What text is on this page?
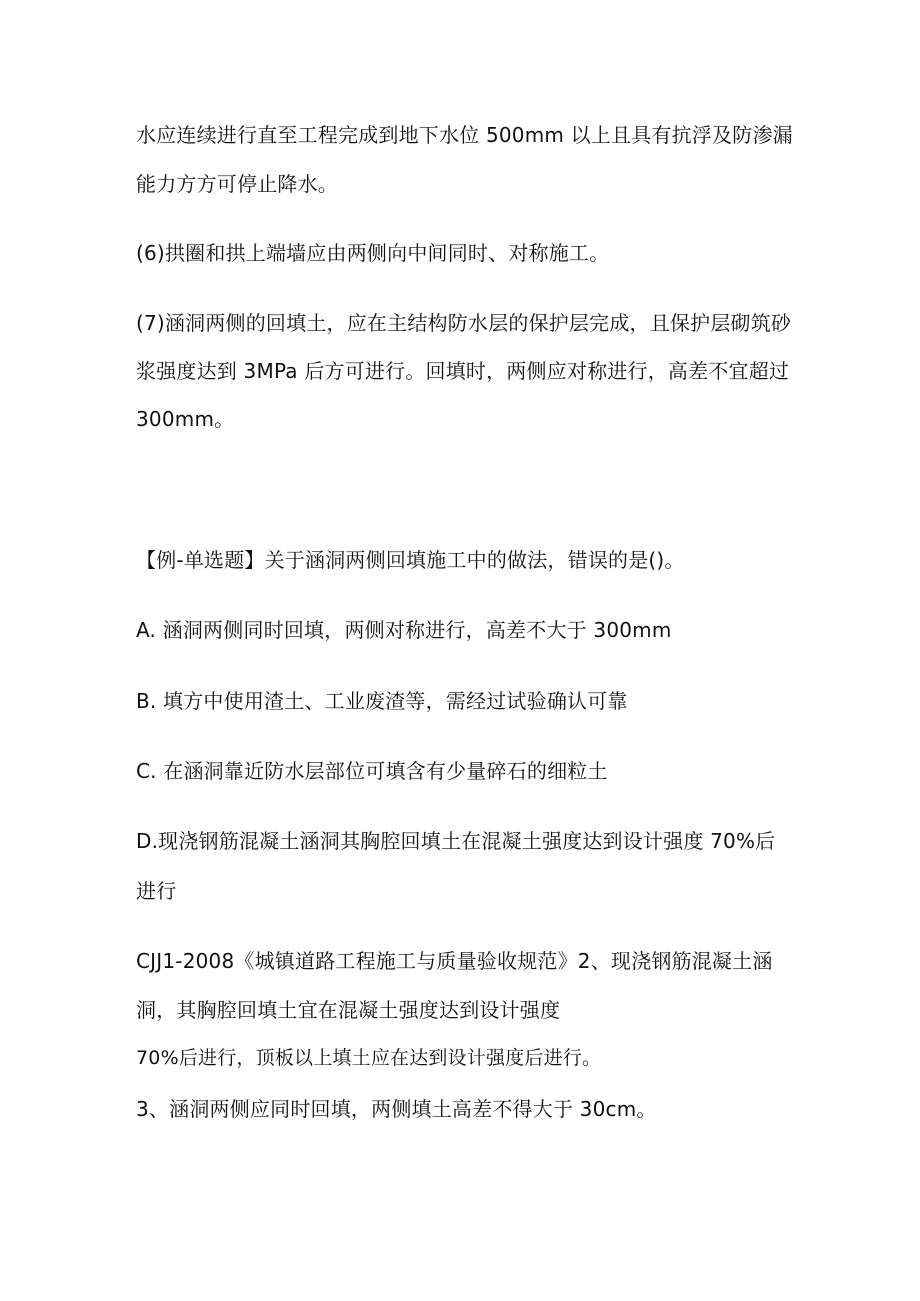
水应连续进行直至工程完成到地下水位 500mm 以上且具有抗浮及防渗漏
能力方方可停止降水。
(6)拱圈和拱上端墙应由两侧向中间同时、对称施工。
(7)涵洞两侧的回填土，应在主结构防水层的保护层完成，且保护层砌筑砂
浆强度达到 3MPa 后方可进行。回填时，两侧应对称进行，高差不宜超过
300mm。
【例-单选题】关于涵洞两侧回填施工中的做法，错误的是()。
A. 涵洞两侧同时回填，两侧对称进行，高差不大于 300mm
B. 填方中使用渣土、工业废渣等，需经过试验确认可靠
C. 在涵洞靠近防水层部位可填含有少量碎石的细粒土
D.现浇钢筋混凝土涵洞其胸腔回填土在混凝土强度达到设计强度 70%后
进行
CJJ1-2008《城镇道路工程施工与质量验收规范》2、现浇钢筋混凝土涵
洞，其胸腔回填土宜在混凝土强度达到设计强度
70%后进行，顶板以上填土应在达到设计强度后进行。
3、涵洞两侧应同时回填，两侧填土高差不得大于 30cm。
